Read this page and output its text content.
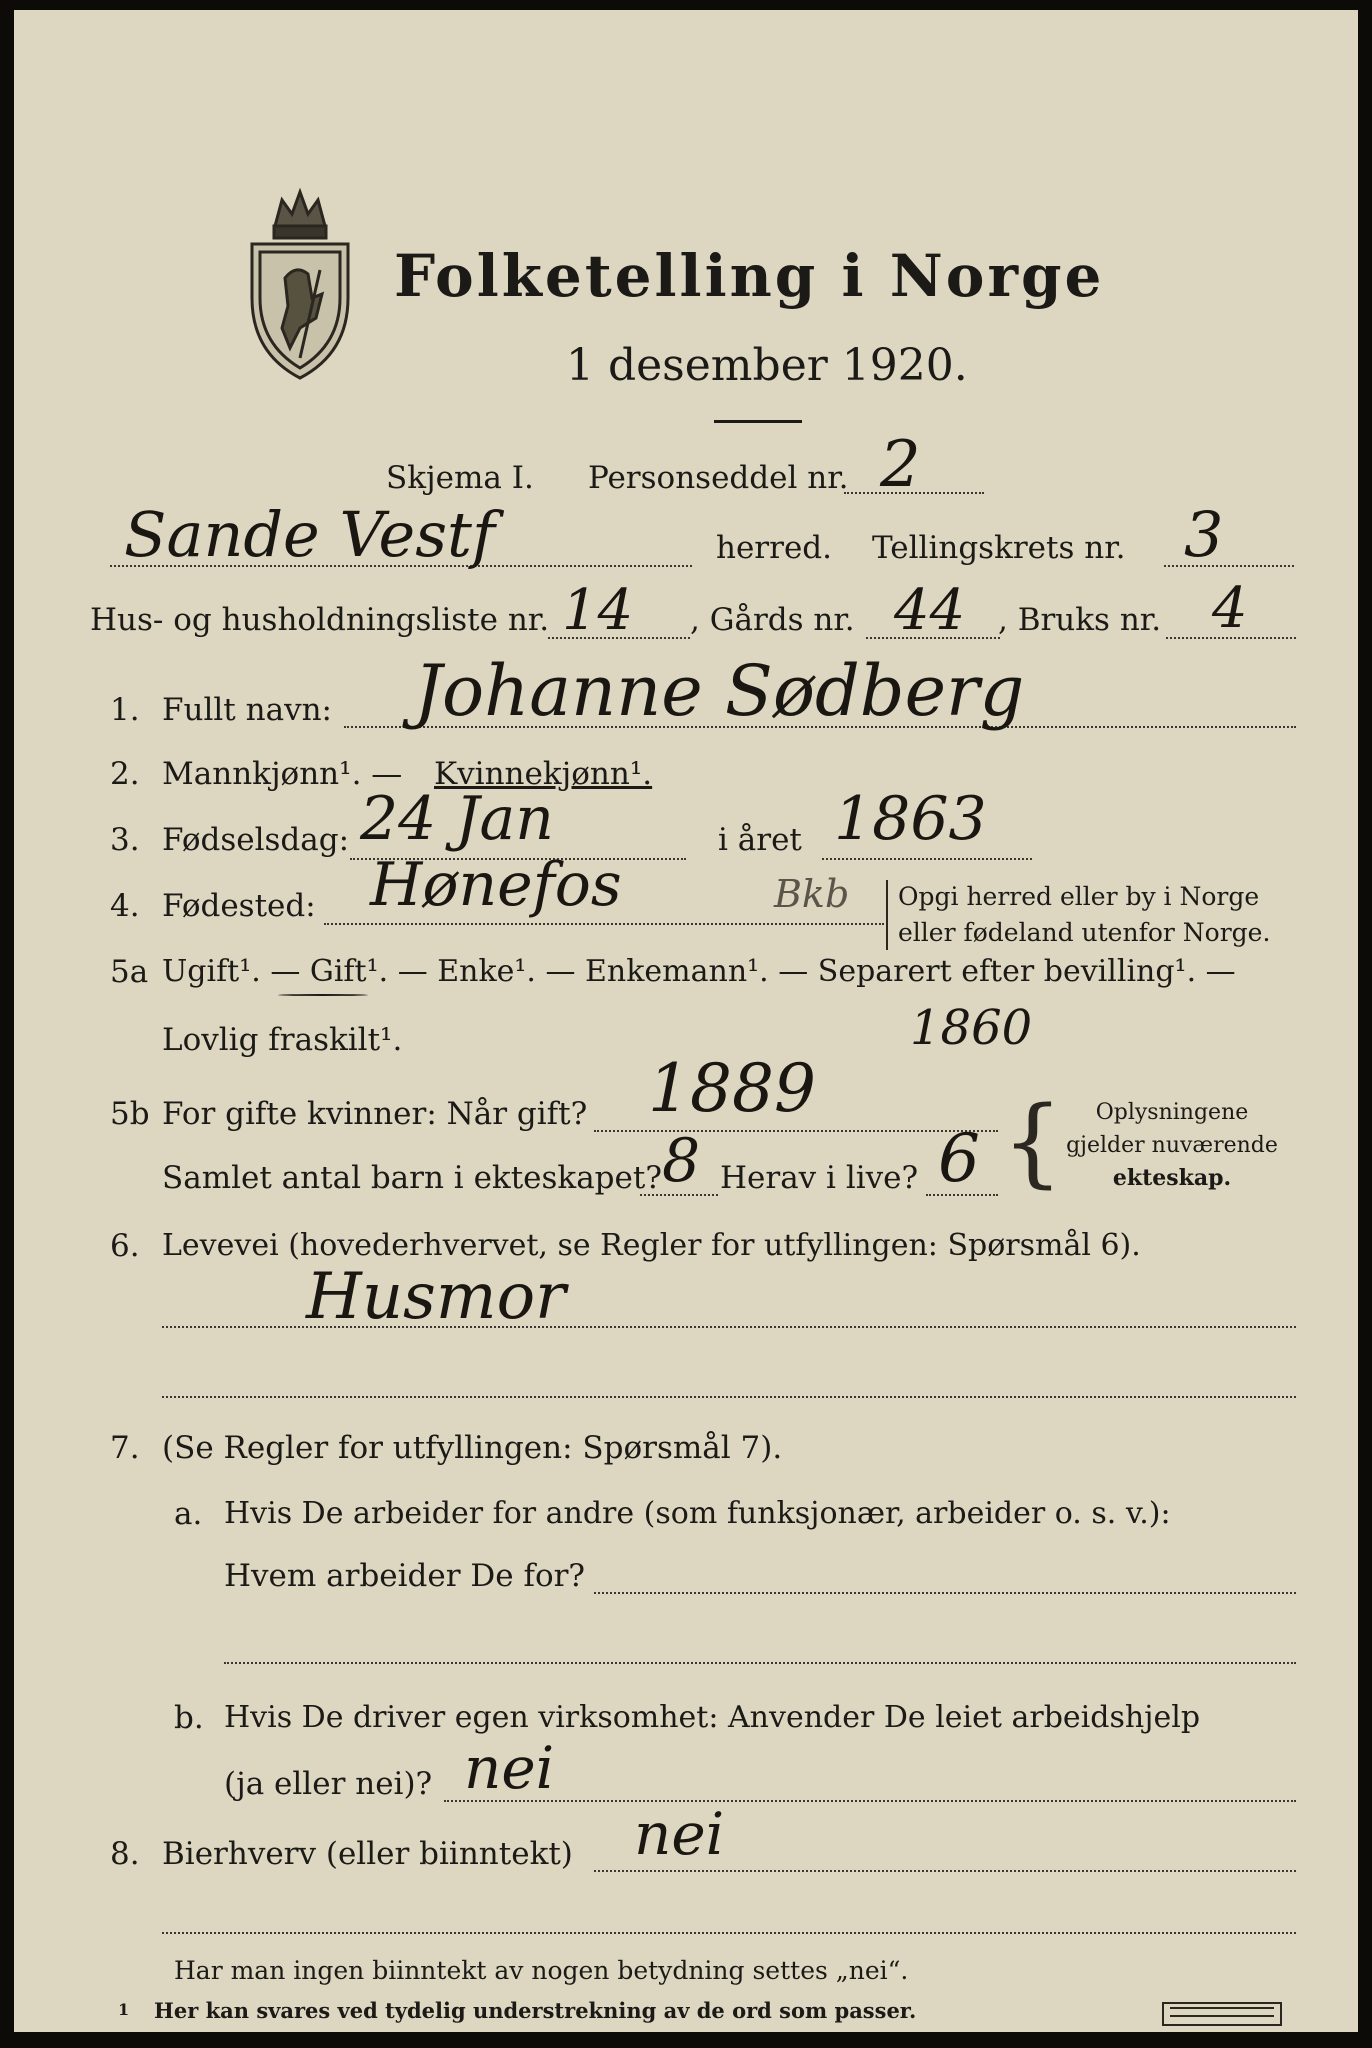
Folketelling i Norge
1 desember 1920.
Skjema I. Personseddel nr. 2
Sande Vestf	herred. Tellingskrets nr. 3
Hus- og husholdningsliste nr. 14 , Gårds nr. 44 , Bruks nr. 4
1. Fullt navn: Johanne Sødberg
2. Mannkjønn¹. — Kvinnekjønn¹.
3. Fødselsdag: 24 Jan	i året 1863
4. Fødested: Hønefos	Bkb Opgi herred eller by i Norge
eller fødeland utenfor Norge.
5a Ugift¹. — Gift¹. — Enke¹. — Enkemann¹. — Separert efter bevilling¹. —
Lovlig fraskilt¹.	1860
5b For gifte kvinner: Når gift? 1889
Samlet antal barn i ekteskapet? 8 Herav i live? 6 {	Oplysningene
gjelder nuværende
ekteskap.
6. Levevei (hovederhvervet, se Regler for utfyllingen: Spørsmål 6).
Husmor
7. (Se Regler for utfyllingen: Spørsmål 7).
a. Hvis De arbeider for andre (som funksjonær, arbeider o. s. v.):
Hvem arbeider De for?
b. Hvis De driver egen virksomhet: Anvender De leiet arbeidshjelp
(ja eller nei)? nei
8. Bierhverv (eller biinntekt) nei
Har man ingen biinntekt av nogen betydning settes „nei“.
1 Her kan svares ved tydelig understrekning av de ord som passer.
